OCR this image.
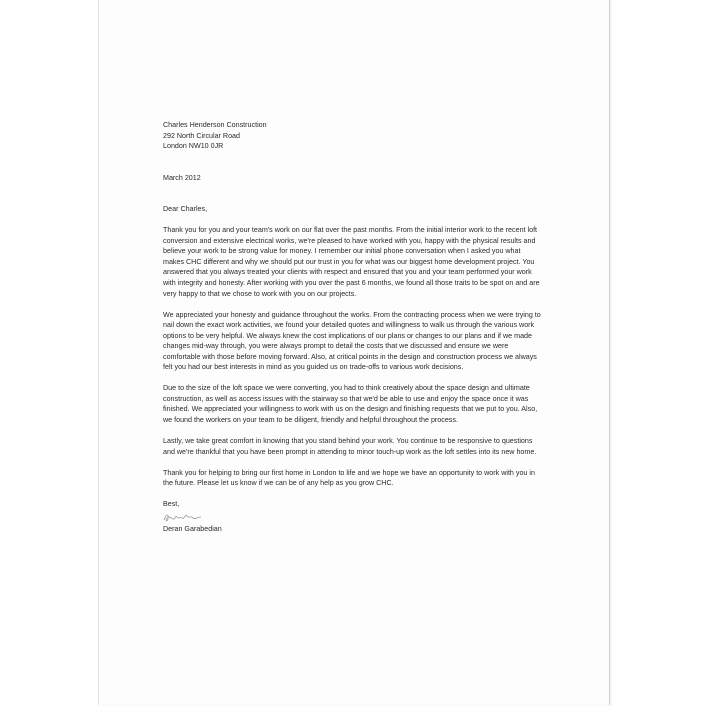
Charles Henderson Construction
292 North Circular Road
London NW10 0JR
March 2012
Dear Charles,
Thank you for you and your team's work on our flat over the past months. From the initial interior work to the recent loft conversion and extensive electrical works, we're pleased to have worked with you, happy with the physical results and believe your work to be strong value for money. I remember our initial phone conversation when I asked you what makes CHC different and why we should put our trust in you for what was our biggest home development project. You answered that you always treated your clients with respect and ensured that you and your team performed your work with integrity and honesty. After working with you over the past 6 months, we found all those traits to be spot on and are very happy to that we chose to work with you on our projects.
We appreciated your honesty and guidance throughout the works. From the contracting process when we were trying to nail down the exact work activities, we found your detailed quotes and willingness to walk us through the various work options to be very helpful. We always knew the cost implications of our plans or changes to our plans and if we made changes mid-way through, you were always prompt to detail the costs that we discussed and ensure we were comfortable with those before moving forward. Also, at critical points in the design and construction process we always felt you had our best interests in mind as you guided us on trade-offs to various work decisions.
Due to the size of the loft space we were converting, you had to think creatively about the space design and ultimate construction, as well as access issues with the stairway so that we'd be able to use and enjoy the space once it was finished. We appreciated your willingness to work with us on the design and finishing requests that we put to you. Also, we found the workers on your team to be diligent, friendly and helpful throughout the process.
Lastly, we take great comfort in knowing that you stand behind your work. You continue to be responsive to questions and we're thankful that you have been prompt in attending to minor touch-up work as the loft settles into its new home.
Thank you for helping to bring our first home in London to life and we hope we have an opportunity to work with you in the future. Please let us know if we can be of any help as you grow CHC.
Best,
Deran Garabedian
